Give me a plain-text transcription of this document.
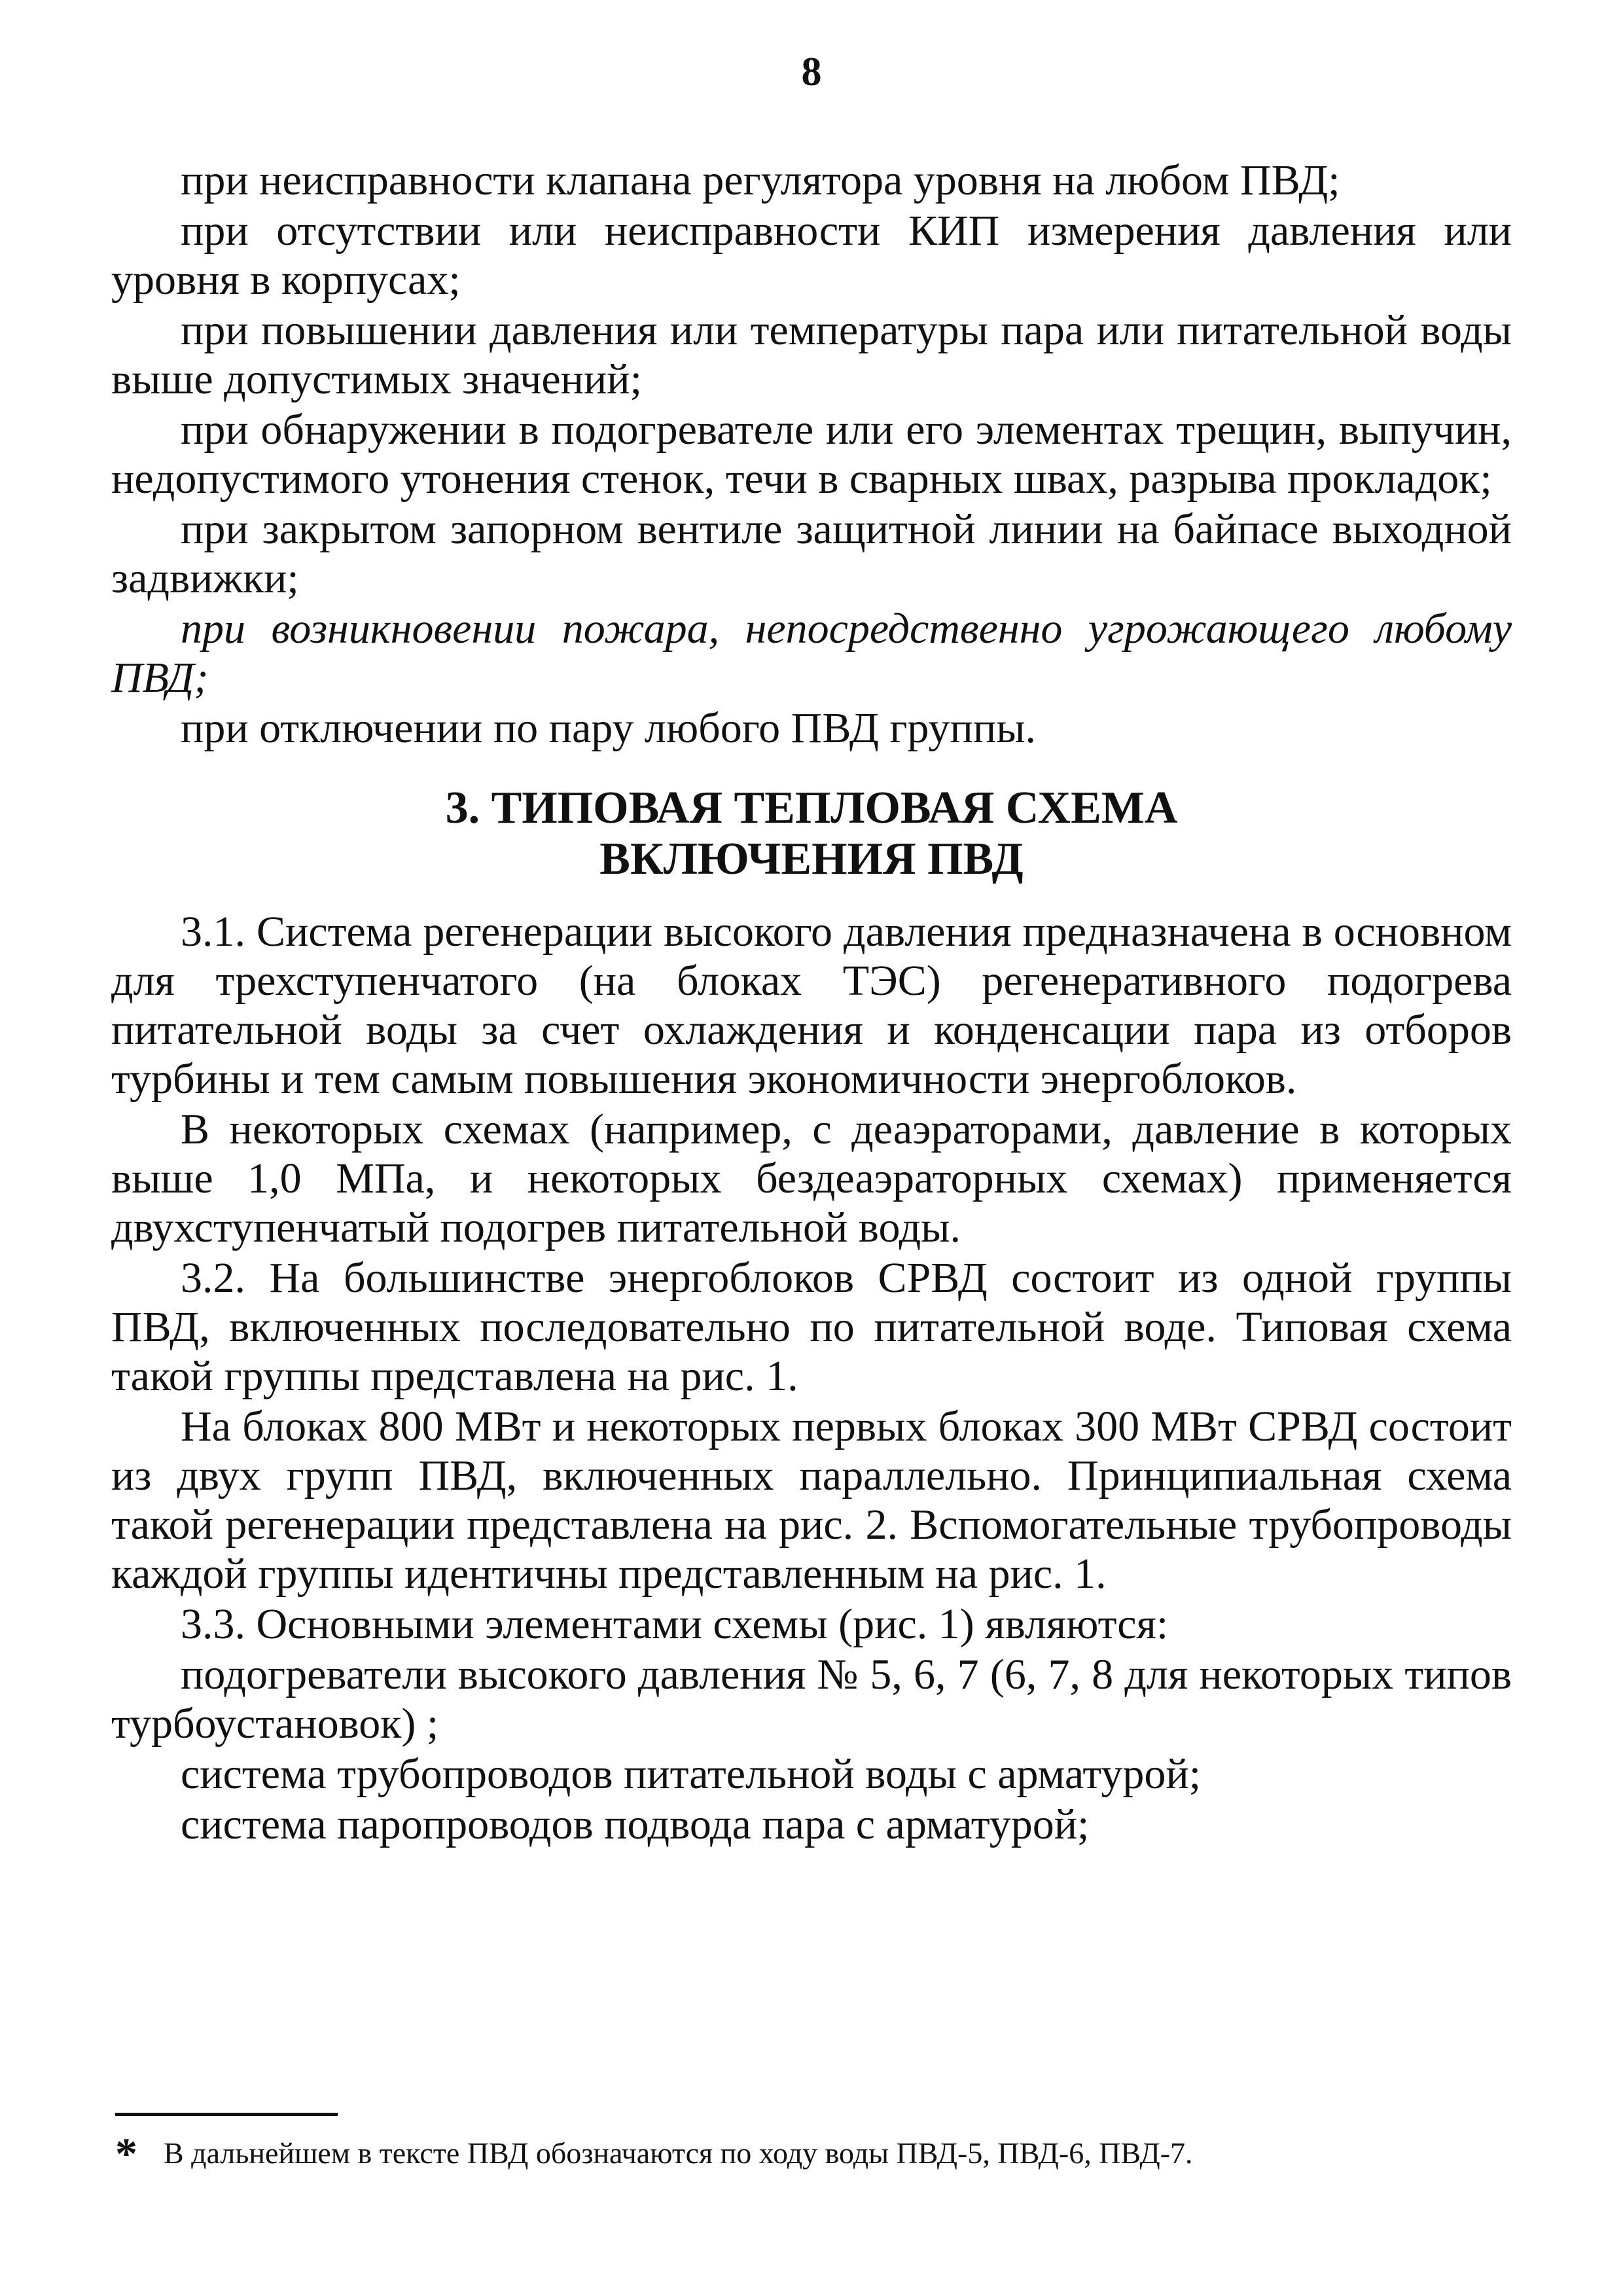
8

при неисправности клапана регулятора уровня на любом ПВД;

при отсутствии или неисправности КИП измерения давления или уровня в корпусах;

при повышении давления или температуры пара или питательной воды выше допустимых значений;

при обнаружении в подогревателе или его элементах трещин, выпучин, недопустимого утонения стенок, течи в сварных швах, разрыва прокладок;

при закрытом запорном вентиле защитной линии на байпасе выходной задвижки;

при возникновении пожара, непосредственно угрожающего любому ПВД;

при отключении по пару любого ПВД группы.

3. ТИПОВАЯ ТЕПЛОВАЯ СХЕМА
ВКЛЮЧЕНИЯ ПВД

3.1. Система регенерации высокого давления предназначена в основном для трехступенчатого (на блоках ТЭС) регенеративного подогрева питательной воды за счет охлаждения и конденсации пара из отборов турбины и тем самым повышения экономичности энергоблоков.

В некоторых схемах (например, с деаэраторами, давление в которых выше 1,0 МПа, и некоторых бездеаэраторных схемах) применяется двухступенчатый подогрев питательной воды.

3.2. На большинстве энергоблоков СРВД состоит из одной группы ПВД, включенных последовательно по питательной воде. Типовая схема такой группы представлена на рис. 1.

На блоках 800 МВт и некоторых первых блоках 300 МВт СРВД состоит из двух групп ПВД, включенных параллельно. Принципиальная схема такой регенерации представлена на рис. 2. Вспомогательные трубопроводы каждой группы идентичны представленным на рис. 1.

3.3. Основными элементами схемы (рис. 1) являются:

подогреватели высокого давления № 5, 6, 7 (6, 7, 8 для некоторых типов турбоустановок) ;

система трубопроводов питательной воды с арматурой;

система паропроводов подвода пара с арматурой;

* В дальнейшем в тексте ПВД обозначаются по ходу воды ПВД-5, ПВД-6, ПВД-7.
